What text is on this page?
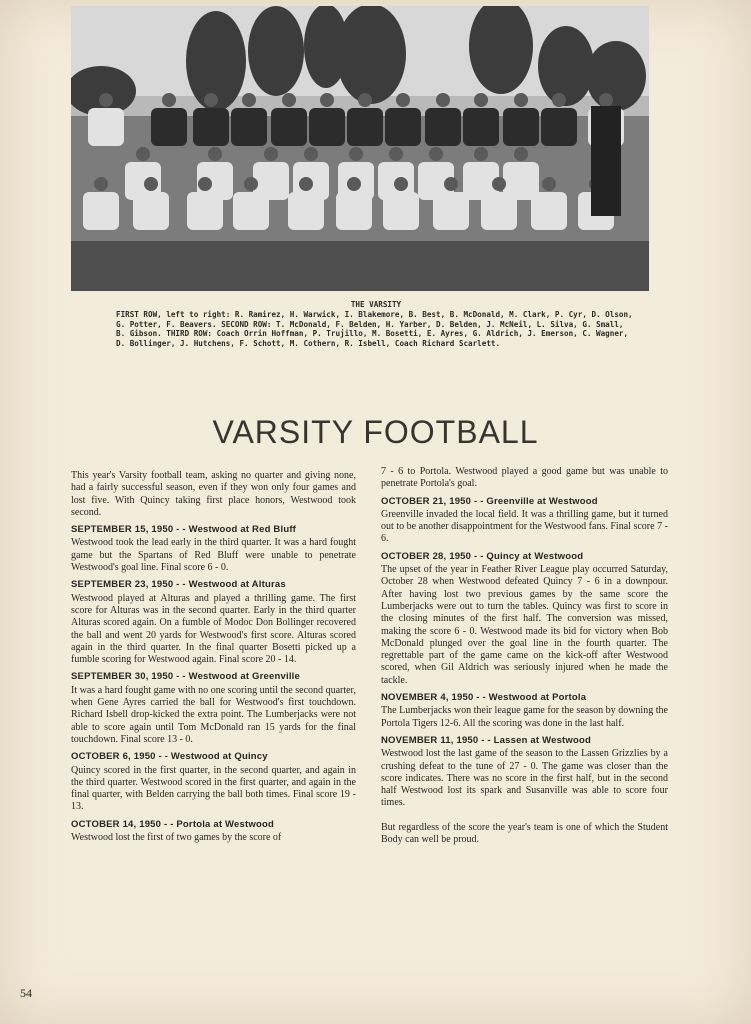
THE VARSITY
FIRST ROW, left to right: R. Ramirez, H. Warwick, I. Blakemore, B. Best, B. McDonald, M. Clark, P. Cyr, D. Olson, G. Potter, F. Beavers. SECOND ROW: T. McDonald, F. Belden, H. Yarber, D. Belden, J. McNeil, L. Silva, G. Small, B. Gibson. THIRD ROW: Coach Orrin Hoffman, P. Trujillo, M. Bosetti, E. Ayres, G. Aldrich, J. Emerson, C. Wagner, D. Bollinger, J. Hutchens, F. Schott, M. Cothern, R. Isbell, Coach Richard Scarlett.
VARSITY FOOTBALL

This year's Varsity football team, asking no quarter and giving none, had a fairly successful season, even if they won only four games and lost five. With Quincy taking first place honors, Westwood took second.

SEPTEMBER 15, 1950 - - Westwood at Red Bluff

Westwood took the lead early in the third quarter. It was a hard fought game but the Spartans of Red Bluff were unable to penetrate Westwood's goal line. Final score 6 - 0.

SEPTEMBER 23, 1950 - - Westwood at Alturas

Westwood played at Alturas and played a thrilling game. The first score for Alturas was in the second quarter. Early in the third quarter Alturas scored again. On a fumble of Modoc Don Bollinger recovered the ball and went 20 yards for Westwood's first score. Alturas scored again in the third quarter. In the final quarter Bosetti picked up a fumble scoring for Westwood again. Final score 20 - 14.

SEPTEMBER 30, 1950 - - Westwood at Greenville

It was a hard fought game with no one scoring until the second quarter, when Gene Ayres carried the ball for Westwood's first touchdown. Richard Isbell drop-kicked the extra point. The Lumberjacks were not able to score again until Tom McDonald ran 15 yards for the final touchdown. Final score 13 - 0.

OCTOBER 6, 1950 - - Westwood at Quincy

Quincy scored in the first quarter, in the second quarter, and again in the third quarter. Westwood scored in the first quarter, and again in the final quarter, with Belden carrying the ball both times. Final score 19 - 13.

OCTOBER 14, 1950 - - Portola at Westwood

Westwood lost the first of two games by the score of

7 - 6 to Portola. Westwood played a good game but was unable to penetrate Portola's goal.

OCTOBER 21, 1950 - - Greenville at Westwood

Greenville invaded the local field. It was a thrilling game, but it turned out to be another disappointment for the Westwood fans. Final score 7 - 6.

OCTOBER 28, 1950 - - Quincy at Westwood

The upset of the year in Feather River League play occurred Saturday, October 28 when Westwood defeated Quincy 7 - 6 in a downpour. After having lost two previous games by the same score the Lumberjacks were out to turn the tables. Quincy was first to score in the closing minutes of the first half. The conversion was missed, making the score 6 - 0. Westwood made its bid for victory when Bob McDonald plunged over the goal line in the fourth quarter. The regrettable part of the game came on the kick-off after Westwood scored, when Gil Aldrich was seriously injured when he made the tackle.

NOVEMBER 4, 1950 - - Westwood at Portola

The Lumberjacks won their league game for the season by downing the Portola Tigers 12-6. All the scoring was done in the last half.

NOVEMBER 11, 1950 - - Lassen at Westwood

Westwood lost the last game of the season to the Lassen Grizzlies by a crushing defeat to the tune of 27 - 0. The game was closer than the score indicates. There was no score in the first half, but in the second half Westwood lost its spark and Susanville was able to score four times.

But regardless of the score the year's team is one of which the Student Body can well be proud.

54
